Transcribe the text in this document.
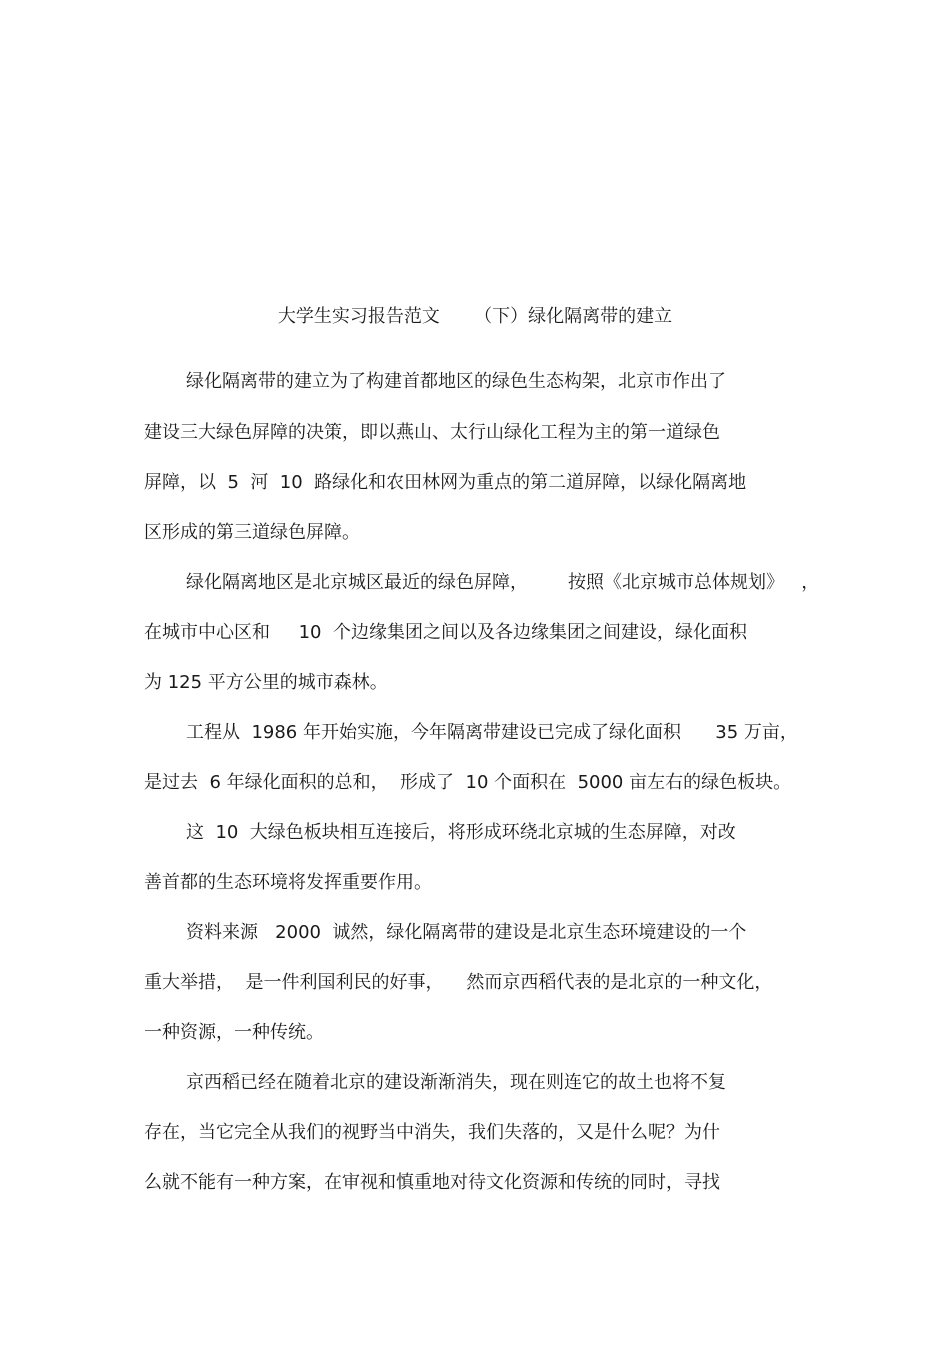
大学生实习报告范文      （下）绿化隔离带的建立
绿化隔离带的建立为了构建首都地区的绿色生态构架，北京市作出了
建设三大绿色屏障的决策，即以燕山、太行山绿化工程为主的第一道绿色
屏障，以  5  河  10  路绿化和农田林网为重点的第二道屏障，以绿化隔离地
区形成的第三道绿色屏障。
绿化隔离地区是北京城区最近的绿色屏障，       按照《北京城市总体规划》   ，
在城市中心区和     10  个边缘集团之间以及各边缘集团之间建设，绿化面积
为 125 平方公里的城市森林。
工程从  1986 年开始实施，今年隔离带建设已完成了绿化面积      35 万亩，
是过去  6 年绿化面积的总和，  形成了  10 个面积在  5000 亩左右的绿色板块。
这  10  大绿色板块相互连接后，将形成环绕北京城的生态屏障，对改
善首都的生态环境将发挥重要作用。
资料来源   2000  诚然，绿化隔离带的建设是北京生态环境建设的一个
重大举措，  是一件利国利民的好事，    然而京西稻代表的是北京的一种文化，
一种资源，一种传统。
京西稻已经在随着北京的建设渐渐消失，现在则连它的故土也将不复
存在，当它完全从我们的视野当中消失，我们失落的，又是什么呢？为什
么就不能有一种方案，在审视和慎重地对待文化资源和传统的同时，寻找
